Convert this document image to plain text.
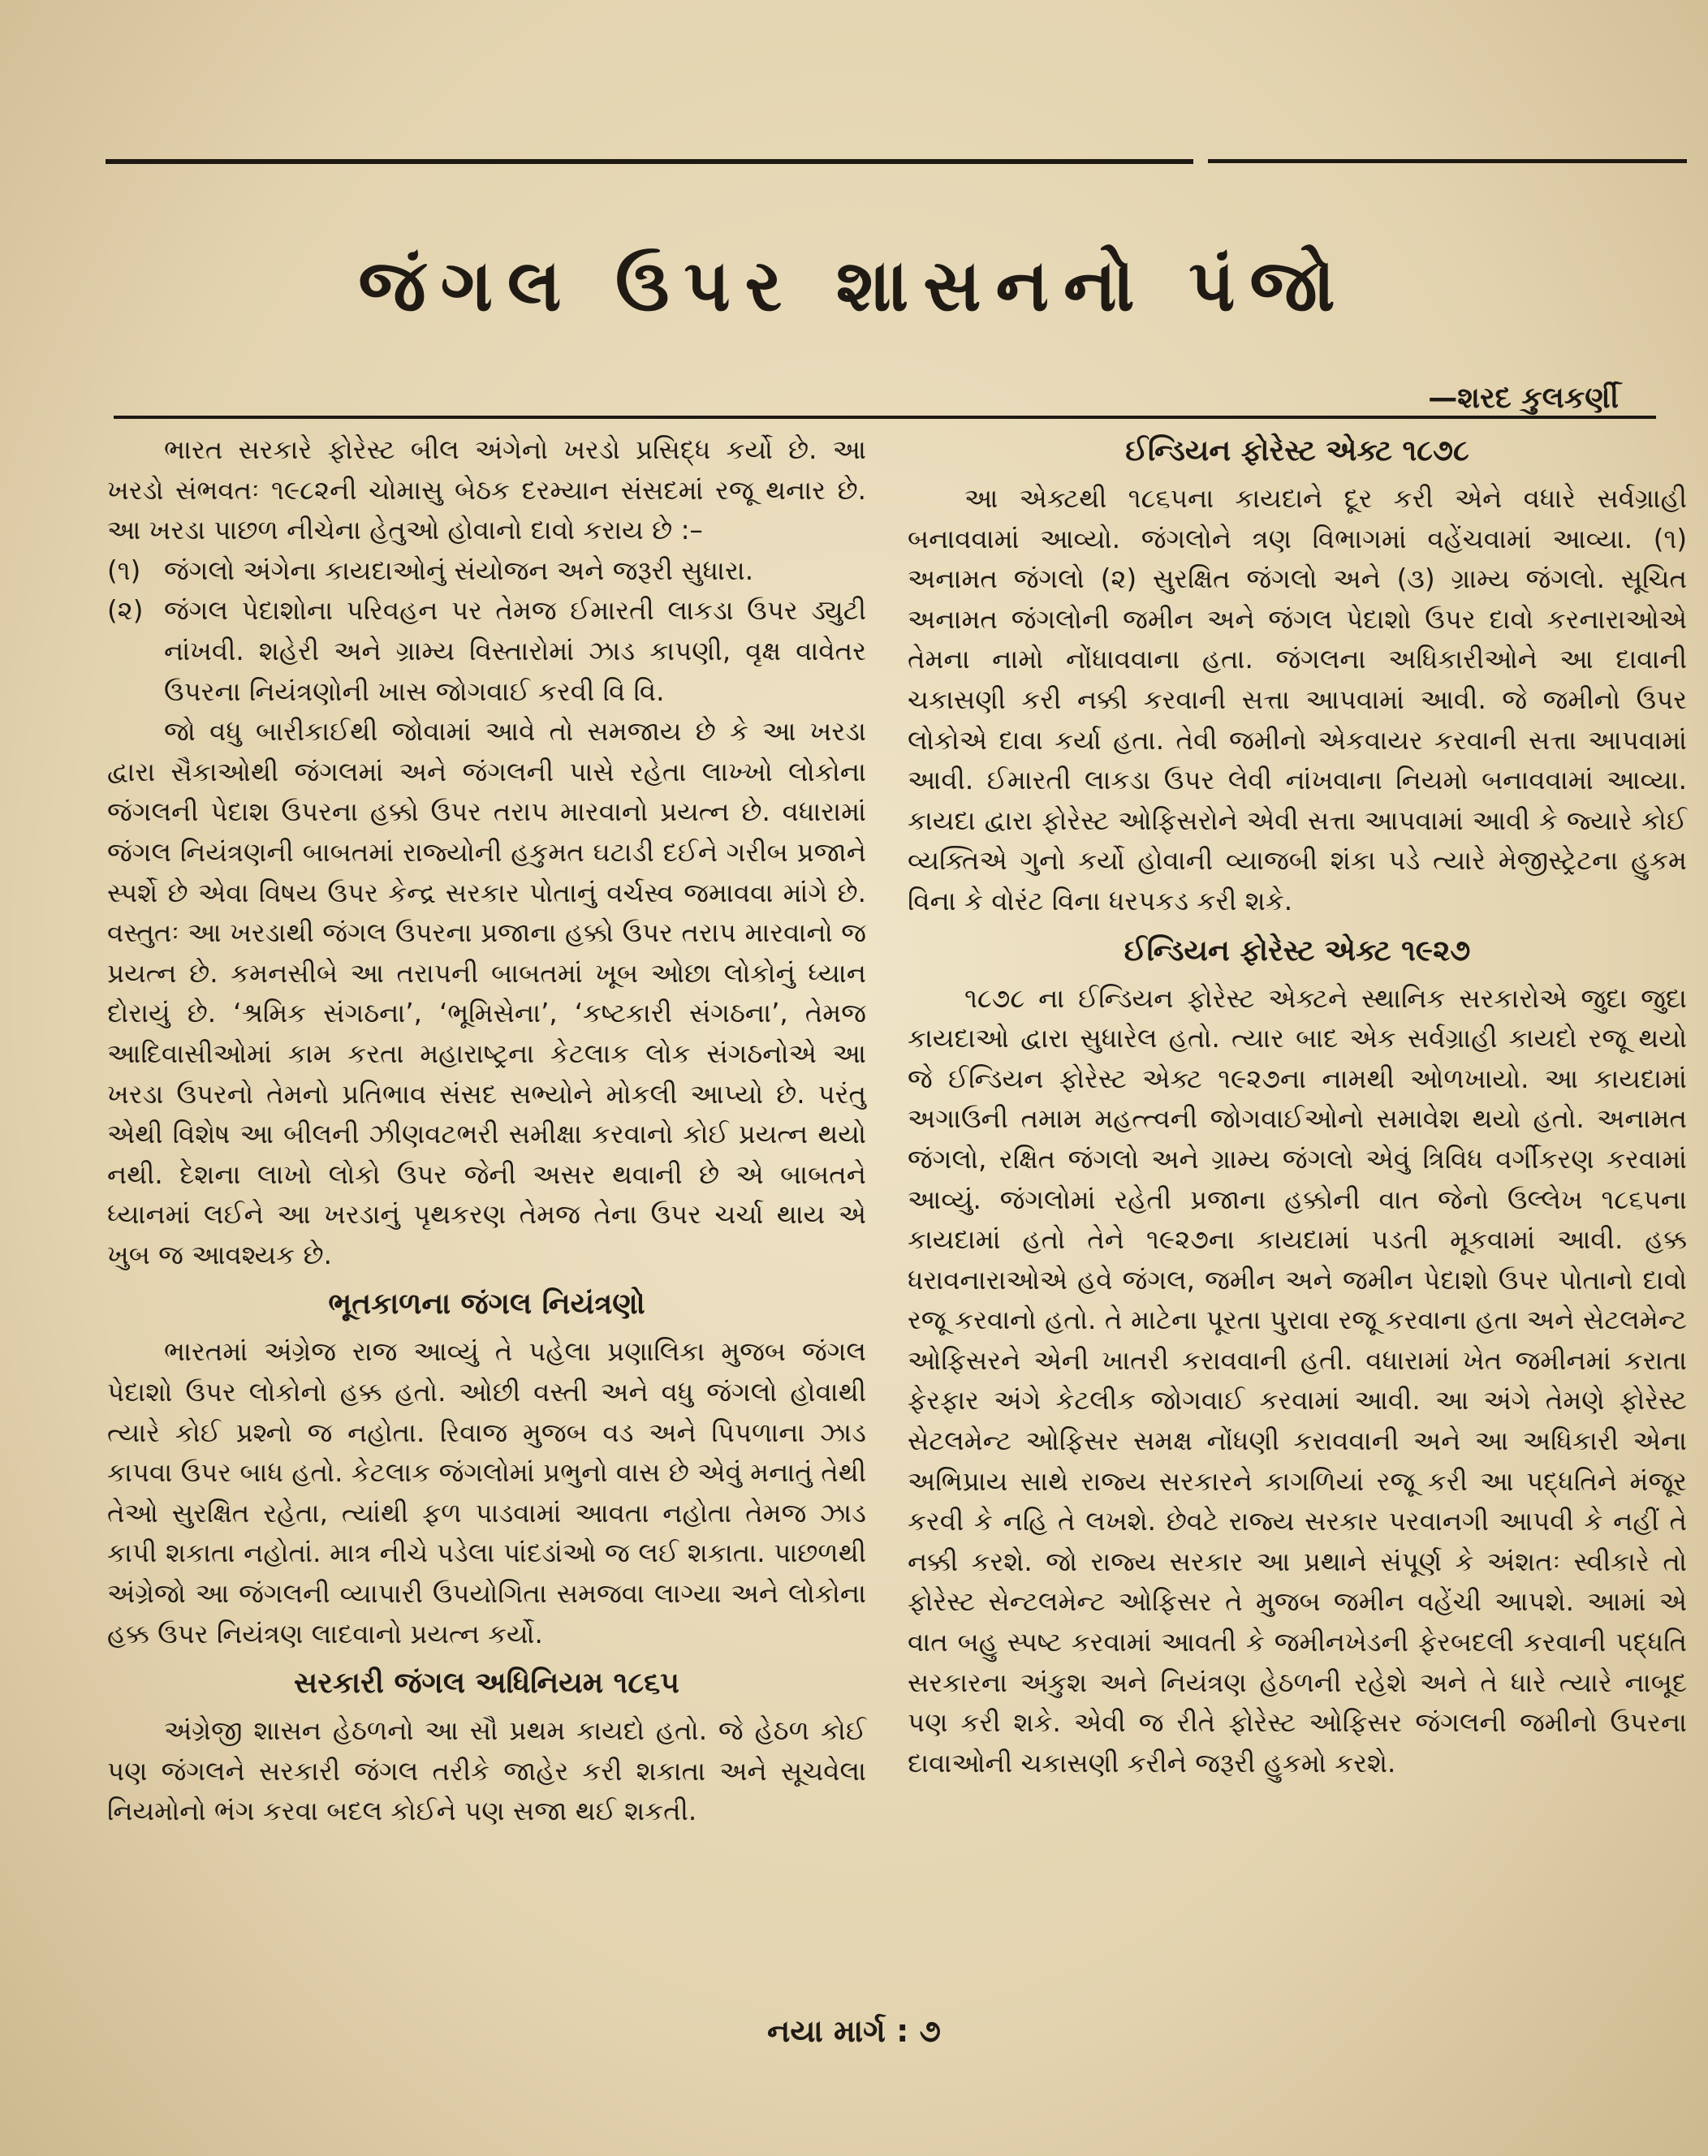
જંગલ ઉપર શાસનનો પંજો
—શરદ કુલકર્ણી

ભારત સરકારે ફોરેસ્ટ બીલ અંગેનો ખરડો પ્રસિદ્ધ કર્યો છે. આ ખરડો સંભવતઃ ૧૯૮૨ની ચોમાસુ બેઠક દરમ્યાન સંસદમાં રજૂ થનાર છે. આ ખરડા પાછળ નીચેના હેતુઓ હોવાનો દાવો કરાય છે :–

(૧) જંગલો અંગેના કાયદાઓનું સંયોજન અને જરૂરી સુધારા.
(૨) જંગલ પેદાશોના પરિવહન પર તેમજ ઈમારતી લાકડા ઉપર ડ્યુટી નાંખવી. શહેરી અને ગ્રામ્ય વિસ્તારોમાં ઝાડ કાપણી, વૃક્ષ વાવેતર ઉપરના નિયંત્રણોની ખાસ જોગવાઈ કરવી વિ વિ.

જો વધુ બારીકાઈથી જોવામાં આવે તો સમજાય છે કે આ ખરડા દ્વારા સૈકાઓથી જંગલમાં અને જંગલની પાસે રહેતા લાખ્ખો લોકોના જંગલની પેદાશ ઉપરના હક્કો ઉપર તરાપ મારવાનો પ્રયત્ન છે. વધારામાં જંગલ નિયંત્રણની બાબતમાં રાજ્યોની હકુમત ઘટાડી દઈને ગરીબ પ્રજાને સ્પર્શે છે એવા વિષય ઉપર કેન્દ્ર સરકાર પોતાનું વર્ચસ્વ જમાવવા માંગે છે. વસ્તુતઃ આ ખરડાથી જંગલ ઉપરના પ્રજાના હક્કો ઉપર તરાપ મારવાનો જ પ્રયત્ન છે. કમનસીબે આ તરાપની બાબતમાં ખૂબ ઓછા લોકોનું ધ્યાન દોરાયું છે. ‘શ્રમિક સંગઠના’, ‘ભૂમિસેના’, ‘કષ્ટકારી સંગઠના’, તેમજ આદિવાસીઓમાં કામ કરતા મહારાષ્ટ્રના કેટલાક લોક સંગઠનોએ આ ખરડા ઉપરનો તેમનો પ્રતિભાવ સંસદ સભ્યોને મોકલી આપ્યો છે. પરંતુ એથી વિશેષ આ બીલની ઝીણવટભરી સમીક્ષા કરવાનો કોઈ પ્રયત્ન થયો નથી. દેશના લાખો લોકો ઉપર જેની અસર થવાની છે એ બાબતને ધ્યાનમાં લઈને આ ખરડાનું પૃથકરણ તેમજ તેના ઉપર ચર્ચા થાય એ ખુબ જ આવશ્યક છે.

ભૂતકાળના જંગલ નિયંત્રણો

ભારતમાં અંગ્રેજ રાજ આવ્યું તે પહેલા પ્રણાલિકા મુજબ જંગલ પેદાશો ઉપર લોકોનો હક્ક હતો. ઓછી વસ્તી અને વધુ જંગલો હોવાથી ત્યારે કોઈ પ્રશ્નો જ નહોતા. રિવાજ મુજબ વડ અને પિપળાના ઝાડ કાપવા ઉપર બાધ હતો. કેટલાક જંગલોમાં પ્રભુનો વાસ છે એવું મનાતું તેથી તેઓ સુરક્ષિત રહેતા, ત્યાંથી ફળ પાડવામાં આવતા નહોતા તેમજ ઝાડ કાપી શકાતા નહોતાં. માત્ર નીચે પડેલા પાંદડાંઓ જ લઈ શકાતા. પાછળથી અંગ્રેજો આ જંગલની વ્યાપારી ઉપયોગિતા સમજવા લાગ્યા અને લોકોના હક્ક ઉપર નિયંત્રણ લાદવાનો પ્રયત્ન કર્યો.

સરકારી જંગલ અધિનિયમ ૧૮૬૫

અંગ્રેજી શાસન હેઠળનો આ સૌ પ્રથમ કાયદો હતો. જે હેઠળ કોઈ પણ જંગલને સરકારી જંગલ તરીકે જાહેર કરી શકાતા અને સૂચવેલા નિયમોનો ભંગ કરવા બદલ કોઈને પણ સજા થઈ શકતી.

ઈન્ડિયન ફોરેસ્ટ એક્ટ ૧૮૭૮

આ એક્ટથી ૧૮૬૫ના કાયદાને દૂર કરી એને વધારે સર્વગ્રાહી બનાવવામાં આવ્યો. જંગલોને ત્રણ વિભાગમાં વહેંચવામાં આવ્યા. (૧) અનામત જંગલો (૨) સુરક્ષિત જંગલો અને (૩) ગ્રામ્ય જંગલો. સૂચિત અનામત જંગલોની જમીન અને જંગલ પેદાશો ઉપર દાવો કરનારાઓએ તેમના નામો નોંધાવવાના હતા. જંગલના અધિકારીઓને આ દાવાની ચકાસણી કરી નક્કી કરવાની સત્તા આપવામાં આવી. જે જમીનો ઉપર લોકોએ દાવા કર્યા હતા. તેવી જમીનો એકવાયર કરવાની સત્તા આપવામાં આવી. ઈમારતી લાકડા ઉપર લેવી નાંખવાના નિયમો બનાવવામાં આવ્યા. કાયદા દ્વારા ફોરેસ્ટ ઓફિસરોને એવી સત્તા આપવામાં આવી કે જ્યારે કોઈ વ્યક્તિએ ગુનો કર્યો હોવાની વ્યાજબી શંકા પડે ત્યારે મેજીસ્ટ્રેટના હુકમ વિના કે વોરંટ વિના ધરપકડ કરી શકે.

ઈન્ડિયન ફોરેસ્ટ એક્ટ ૧૯૨૭

૧૮૭૮ ના ઈન્ડિયન ફોરેસ્ટ એક્ટને સ્થાનિક સરકારોએ જુદા જુદા કાયદાઓ દ્વારા સુધારેલ હતો. ત્યાર બાદ એક સર્વગ્રાહી કાયદો રજૂ થયો જે ઈન્ડિયન ફોરેસ્ટ એક્ટ ૧૯૨૭ના નામથી ઓળખાયો. આ કાયદામાં અગાઉની તમામ મહત્ત્વની જોગવાઈઓનો સમાવેશ થયો હતો. અનામત જંગલો, રક્ષિત જંગલો અને ગ્રામ્ય જંગલો એવું ત્રિવિધ વર્ગીકરણ કરવામાં આવ્યું. જંગલોમાં રહેતી પ્રજાના હક્કોની વાત જેનો ઉલ્લેખ ૧૮૬૫ના કાયદામાં હતો તેને ૧૯૨૭ના કાયદામાં પડતી મૂકવામાં આવી. હક્ક ધરાવનારાઓએ હવે જંગલ, જમીન અને જમીન પેદાશો ઉપર પોતાનો દાવો રજૂ કરવાનો હતો. તે માટેના પૂરતા પુરાવા રજૂ કરવાના હતા અને સેટલમેન્ટ ઓફિસરને એની ખાતરી કરાવવાની હતી. વધારામાં ખેત જમીનમાં કરાતા ફેરફાર અંગે કેટલીક જોગવાઈ કરવામાં આવી. આ અંગે તેમણે ફોરેસ્ટ સેટલમેન્ટ ઓફિસર સમક્ષ નોંધણી કરાવવાની અને આ અધિકારી એના અભિપ્રાય સાથે રાજ્ય સરકારને કાગળિયાં રજૂ કરી આ પદ્ધતિને મંજૂર કરવી કે નહિ તે લખશે. છેવટે રાજ્ય સરકાર પરવાનગી આપવી કે નહીં તે નક્કી કરશે. જો રાજ્ય સરકાર આ પ્રથાને સંપૂર્ણ કે અંશતઃ સ્વીકારે તો ફોરેસ્ટ સેન્ટલમેન્ટ ઓફિસર તે મુજબ જમીન વહેંચી આપશે. આમાં એ વાત બહુ સ્પષ્ટ કરવામાં આવતી કે જમીનખેડની ફેરબદલી કરવાની પદ્ધતિ સરકારના અંકુશ અને નિયંત્રણ હેઠળની રહેશે અને તે ધારે ત્યારે નાબૂદ પણ કરી શકે. એવી જ રીતે ફોરેસ્ટ ઓફિસર જંગલની જમીનો ઉપરના દાવાઓની ચકાસણી કરીને જરૂરી હુકમો કરશે.

નયા માર્ગ : ૭
